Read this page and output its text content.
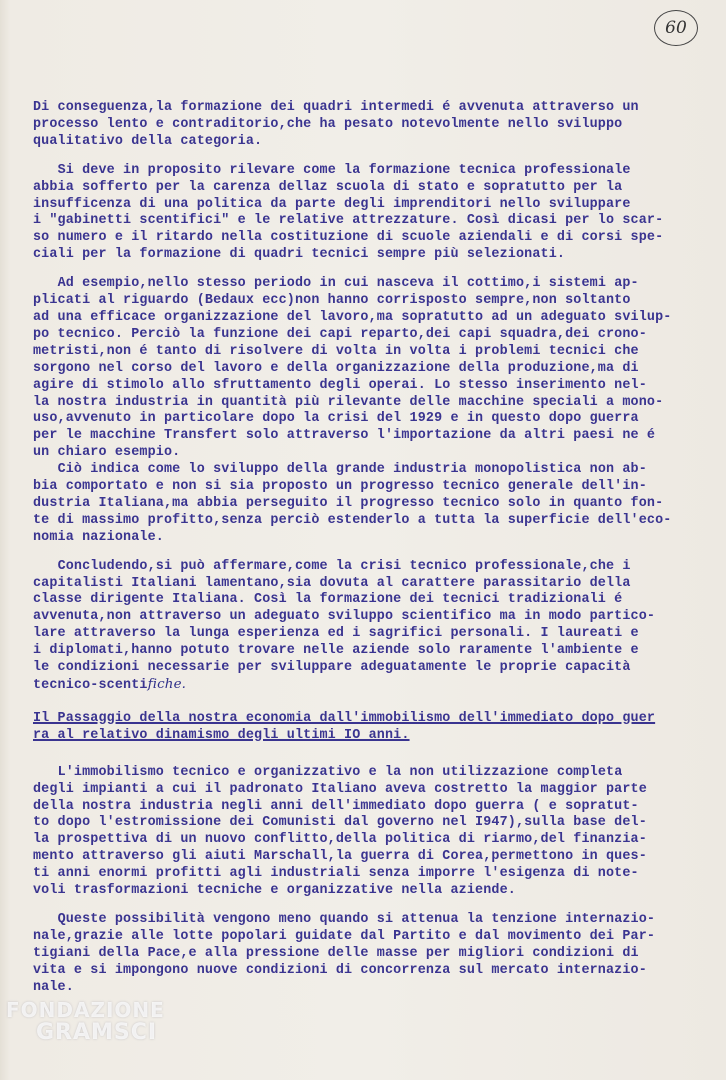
60

Di conseguenza,la formazione dei quadri intermedi é avvenuta attraverso un
processo lento e contraditorio,che ha pesato notevolmente nello sviluppo
qualitativo della categoria.

Si deve in proposito rilevare come la formazione tecnica professionale
abbia sofferto per la carenza dellaz scuola di stato e sopratutto per la
insufficenza di una politica da parte degli imprenditori nello sviluppare
i "gabinetti scentifici" e le relative attrezzature. Così dicasi per lo scar-
so numero e il ritardo nella costituzione di scuole aziendali e di corsi spe-
ciali per la formazione di quadri tecnici sempre più selezionati.

Ad esempio,nello stesso periodo in cui nasceva il cottimo,i sistemi ap-
plicati al riguardo (Bedaux ecc)non hanno corrisposto sempre,non soltanto
ad una efficace organizzazione del lavoro,ma sopratutto ad un adeguato svilup-
po tecnico. Perciò la funzione dei capi reparto,dei capi squadra,dei crono-
metristi,non é tanto di risolvere di volta in volta i problemi tecnici che
sorgono nel corso del lavoro e della organizzazione della produzione,ma di
agire di stimolo allo sfruttamento degli operai. Lo stesso inserimento nel-
la nostra industria in quantità più rilevante delle macchine speciali a mono-
uso,avvenuto in particolare dopo la crisi del 1929 e in questo dopo guerra
per le macchine Transfert solo attraverso l'importazione da altri paesi ne é
un chiaro esempio.
Ciò indica come lo sviluppo della grande industria monopolistica non ab-
bia comportato e non si sia proposto un progresso tecnico generale dell'in-
dustria Italiana,ma abbia perseguito il progresso tecnico solo in quanto fon-
te di massimo profitto,senza perciò estenderlo a tutta la superficie dell'eco-
nomia nazionale.

Concludendo,si può affermare,come la crisi tecnico professionale,che i
capitalisti Italiani lamentano,sia dovuta al carattere parassitario della
classe dirigente Italiana. Così la formazione dei tecnici tradizionali é
avvenuta,non attraverso un adeguato sviluppo scientifico ma in modo partico-
lare attraverso la lunga esperienza ed i sagrifici personali. I laureati e
i diplomati,hanno potuto trovare nelle aziende solo raramente l'ambiente e
le condizioni necessarie per sviluppare adeguatamente le proprie capacità
tecnico-scentifiche.

Il Passaggio della nostra economia dall'immobilismo dell'immediato dopo guer
ra al relativo dinamismo degli ultimi IO anni.

L'immobilismo tecnico e organizzativo e la non utilizzazione completa
degli impianti a cui il padronato Italiano aveva costretto la maggior parte
della nostra industria negli anni dell'immediato dopo guerra ( e sopratut-
to dopo l'estromissione dei Comunisti dal governo nel I947),sulla base del-
la prospettiva di un nuovo conflitto,della politica di riarmo,del finanzia-
mento attraverso gli aiuti Marschall,la guerra di Corea,permettono in ques-
ti anni enormi profitti agli industriali senza imporre l'esigenza di note-
voli trasformazioni tecniche e organizzative nella aziende.

Queste possibilità vengono meno quando si attenua la tenzione internazio-
nale,grazie alle lotte popolari guidate dal Partito e dal movimento dei Par-
tigiani della Pace,e alla pressione delle masse per migliori condizioni di
vita e si impongono nuove condizioni di concorrenza sul mercato internazio-
nale.

FONDAZIONE
GRAMSCI
